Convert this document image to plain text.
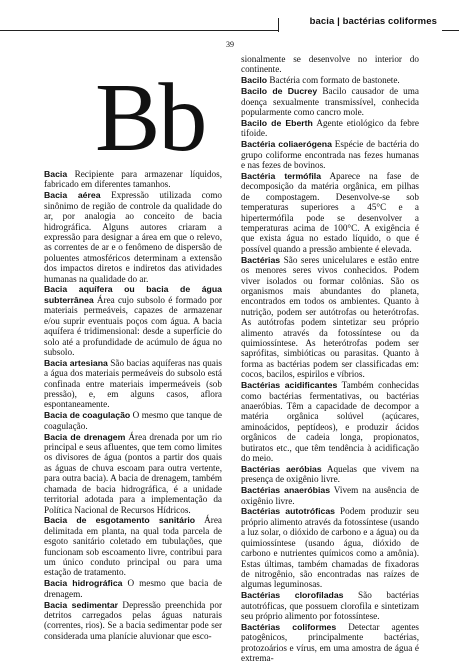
bacia | bactérias coliformes
39
Bb
Bacia Recipiente para armazenar líquidos, fabricado em diferentes tamanhos.
Bacia aérea Expressão utilizada como sinônimo de região de controle da qualidade do ar, por analogia ao conceito de bacia hidrográfica. Alguns autores criaram a expressão para designar a área em que o relevo, as correntes de ar e o fenômeno de dispersão de poluentes atmosféricos determinam a extensão dos impactos diretos e indiretos das atividades humanas na qualidade do ar.
Bacia aquífera ou bacia de água subterrânea Área cujo subsolo é formado por materiais permeáveis, capazes de armazenar e/ou suprir eventuais poços com água. A bacia aquífera é tridimensional: desde a superfície do solo até a profundidade de acúmulo de água no subsolo.
Bacia artesiana São bacias aquíferas nas quais a água dos materiais permeáveis do subsolo está confinada entre materiais impermeáveis (sob pressão), e, em alguns casos, aflora espontaneamente.
Bacia de coagulação O mesmo que tanque de coagulação.
Bacia de drenagem Área drenada por um rio principal e seus afluentes, que tem como limites os divisores de água (pontos a partir dos quais as águas de chuva escoam para outra vertente, para outra bacia). A bacia de drenagem, também chamada de bacia hidrográfica, é a unidade territorial adotada para a implementação da Política Nacional de Recursos Hídricos.
Bacia de esgotamento sanitário Área delimitada em planta, na qual toda parcela de esgoto sanitário coletado em tubulações, que funcionam sob escoamento livre, contribui para um único conduto principal ou para uma estação de tratamento.
Bacia hidrográfica O mesmo que bacia de drenagem.
Bacia sedimentar Depressão preenchida por detritos carregados pelas águas naturais (correntes, rios). Se a bacia sedimentar pode ser considerada uma planície aluvionar que esco-
sionalmente se desenvolve no interior do continente.
Bacilo Bactéria com formato de bastonete.
Bacilo de Ducrey Bacilo causador de uma doença sexualmente transmissível, conhecida popularmente como cancro mole.
Bacilo de Eberth Agente etiológico da febre tifoide.
Bactéria coliaerógena Espécie de bactéria do grupo coliforme encontrada nas fezes humanas e nas fezes de bovinos.
Bactéria termófila Aparece na fase de decomposição da matéria orgânica, em pilhas de compostagem. Desenvolve-se sob temperaturas superiores a 45°C e a hipertermófila pode se desenvolver a temperaturas acima de 100°C. A exigência é que exista água no estado líquido, o que é possível quando a pressão ambiente é elevada.
Bactérias São seres unicelulares e estão entre os menores seres vivos conhecidos. Podem viver isolados ou formar colônias. São os organismos mais abundantes do planeta, encontrados em todos os ambientes. Quanto à nutrição, podem ser autótrofas ou heterótrofas. As autótrofas podem sintetizar seu próprio alimento através da fotossíntese ou da quimiossíntese. As heterótrofas podem ser saprófitas, simbióticas ou parasitas. Quanto à forma as bactérias podem ser classificadas em: cocos, bacilos, espirilos e víbrios.
Bactérias acidificantes Também conhecidas como bactérias fermentativas, ou bactérias anaeróbias. Têm a capacidade de decompor a matéria orgânica solúvel (açúcares, aminoácidos, peptídeos), e produzir ácidos orgânicos de cadeia longa, propionatos, butiratos etc., que têm tendência à acidificação do meio.
Bactérias aeróbias Aquelas que vivem na presença de oxigênio livre.
Bactérias anaeróbias Vivem na ausência de oxigênio livre.
Bactérias autotróficas Podem produzir seu próprio alimento através da fotossíntese (usando a luz solar, o dióxido de carbono e a água) ou da quimiossíntese (usando água, dióxido de carbono e nutrientes químicos como a amônia). Estas últimas, também chamadas de fixadoras de nitrogênio, são encontradas nas raízes de algumas leguminosas.
Bactérias clorofiladas São bactérias autotróficas, que possuem clorofila e sintetizam seu próprio alimento por fotossíntese.
Bactérias coliformes Detectar agentes patogênicos, principalmente bactérias, protozoários e vírus, em uma amostra de água é extrema-
